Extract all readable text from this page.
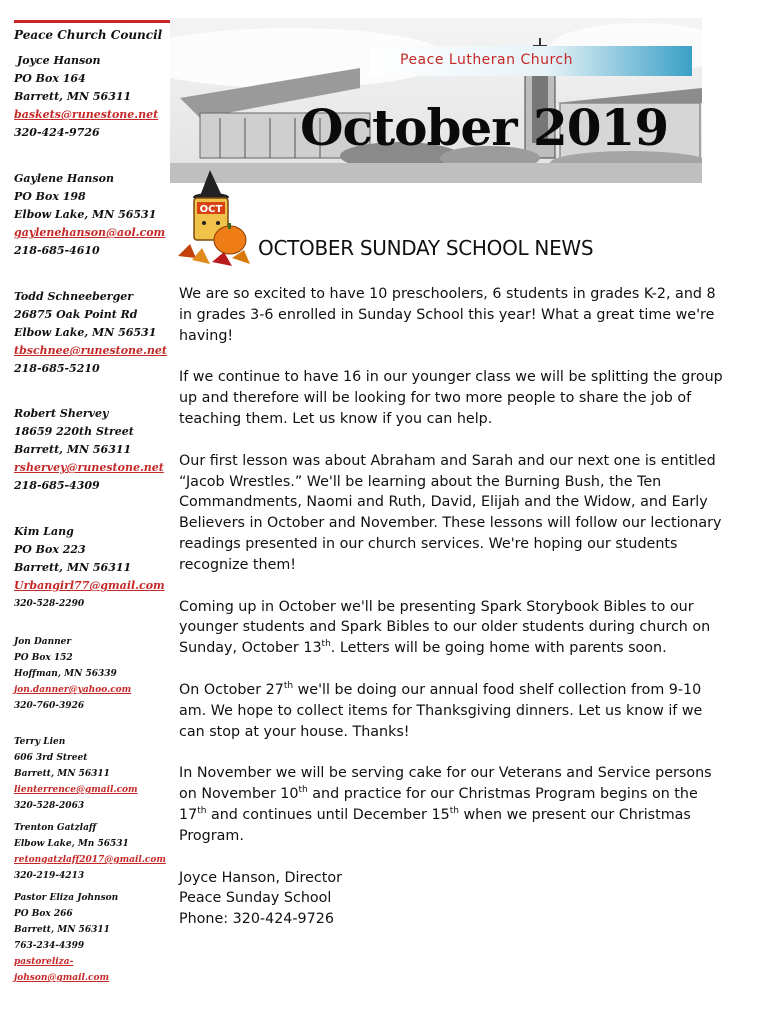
Peace Church Council
Joyce Hanson
PO Box 164
Barrett, MN 56311
baskets@runestone.net
320-424-9726
Gaylene Hanson
PO Box 198
Elbow Lake, MN 56531
gaylenehanson@aol.com
218-685-4610
Todd Schneeberger
26875 Oak Point Rd
Elbow Lake, MN 56531
tbschnee@runestone.net
218-685-5210
Robert Shervey
18659 220th Street
Barrett, MN 56311
rshervey@runestone.net
218-685-4309
Kim Lang
PO Box 223
Barrett, MN 56311
Urbangirl77@gmail.com
320-528-2290
Jon Danner
PO Box 152
Hoffman, MN 56339
jon.danner@yahoo.com
320-760-3926
Terry Lien
606 3rd Street
Barrett, MN 56311
lienterrence@gmail.com
320-528-2063
Trenton Gatzlaff
Elbow Lake, Mn 56531
retongatzlaff2017@gmail.com
320-219-4213
Pastor Eliza Johnson
PO Box 266
Barrett, MN 56311
763-234-4399
pastoreliza-
johson@gmail.com
Peace Lutheran Church
October 2019
OCT
OCTOBER SUNDAY SCHOOL NEWS

We are so excited to have 10 preschoolers, 6 students in grades K-2, and 8 in grades 3-6 enrolled in Sunday School this year! What a great time we're having!

If we continue to have 16 in our younger class we will be splitting the group up and therefore will be looking for two more people to share the job of teaching them. Let us know if you can help.

Our first lesson was about Abraham and Sarah and our next one is entitled “Jacob Wrestles.” We'll be learning about the Burning Bush, the Ten Commandments, Naomi and Ruth, David, Elijah and the Widow, and Early Believers in October and November. These lessons will follow our lectionary readings presented in our church services. We're hoping our students recognize them!

Coming up in October we'll be presenting Spark Storybook Bibles to our younger students and Spark Bibles to our older students during church on Sunday, October 13th. Letters will be going home with parents soon.

On October 27th we'll be doing our annual food shelf collection from 9-10 am. We hope to collect items for Thanksgiving dinners. Let us know if we can stop at your house. Thanks!

In November we will be serving cake for our Veterans and Service persons on November 10th and practice for our Christmas Program begins on the 17th and continues until December 15th when we present our Christmas Program.

Joyce Hanson, Director

Peace Sunday School

Phone: 320-424-9726
